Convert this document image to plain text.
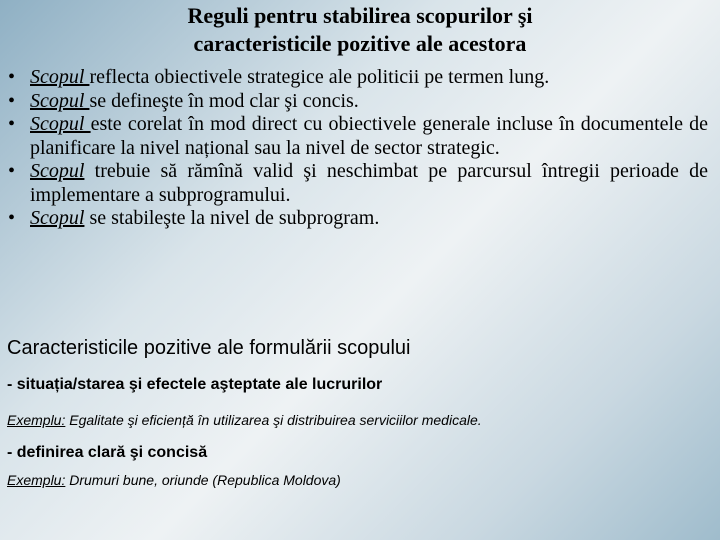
Reguli pentru stabilirea scopurilor şi
caracteristicile pozitive ale acestora
• Scopul reflecta obiectivele strategice ale politicii pe termen lung.
• Scopul se defineşte în mod clar şi concis.
• Scopul este corelat în mod direct cu obiectivele generale incluse în documentele de planificare la nivel național sau la nivel de sector strategic.
• Scopul trebuie să rămînă valid şi neschimbat pe parcursul întregii perioade de implementare a subprogramului.
• Scopul se stabileşte la nivel de subprogram.
Caracteristicile pozitive ale formulării scopului
- situația/starea şi efectele aşteptate ale lucrurilor
Exemplu: Egalitate şi eficiență în utilizarea şi distribuirea serviciilor medicale.
- definirea clară şi concisă
Exemplu: Drumuri bune, oriunde (Republica Moldova)
